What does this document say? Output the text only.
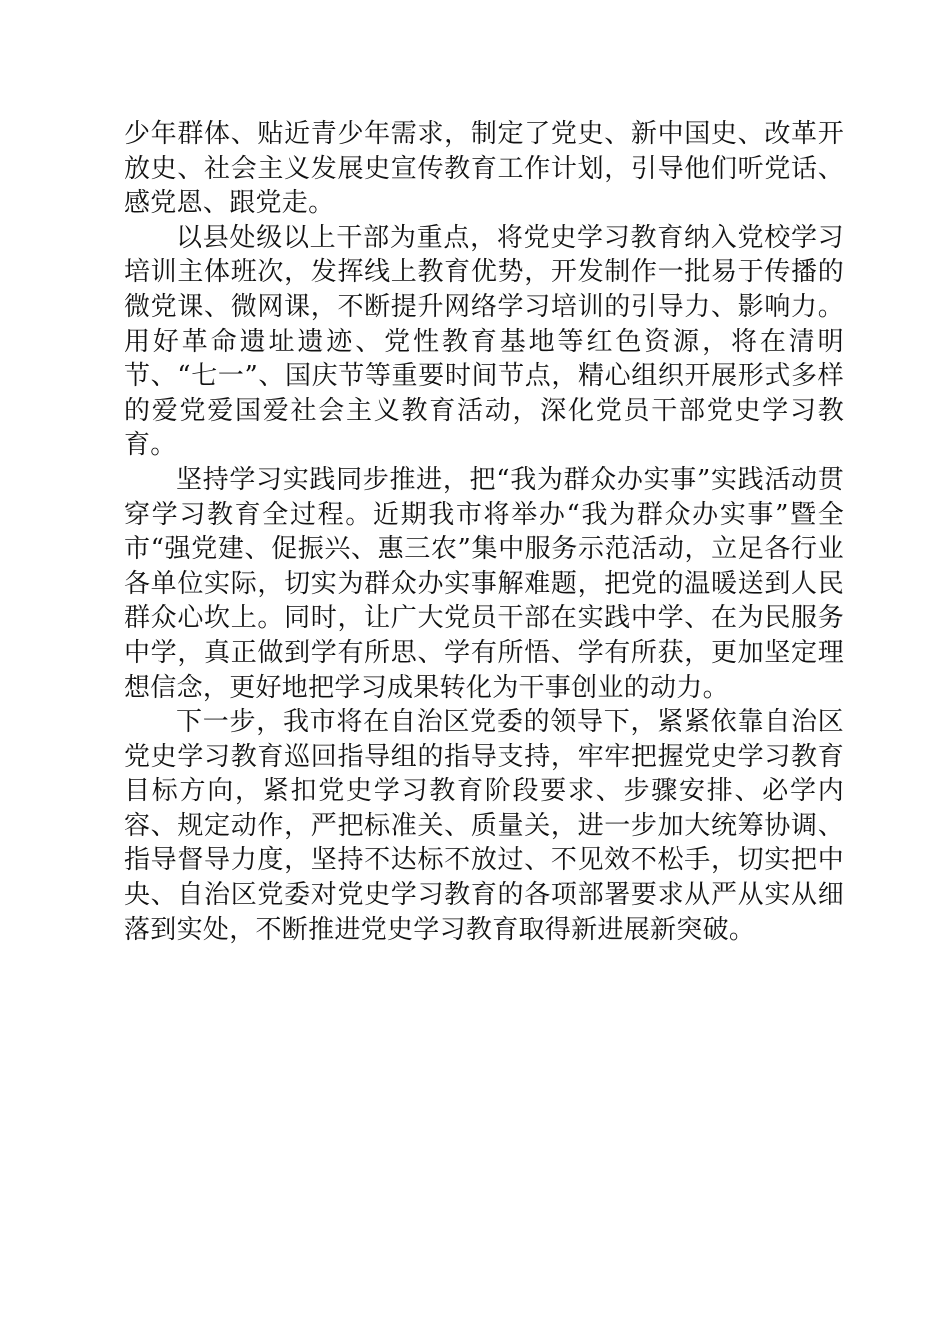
少年群体、贴近青少年需求，制定了党史、新中国史、改革开放史、社会主义发展史宣传教育工作计划，引导他们听党话、感党恩、跟党走。

以县处级以上干部为重点，将党史学习教育纳入党校学习培训主体班次，发挥线上教育优势，开发制作一批易于传播的微党课、微网课，不断提升网络学习培训的引导力、影响力。用好革命遗址遗迹、党性教育基地等红色资源，将在清明节、“七一”、国庆节等重要时间节点，精心组织开展形式多样的爱党爱国爱社会主义教育活动，深化党员干部党史学习教育。

坚持学习实践同步推进，把“我为群众办实事”实践活动贯穿学习教育全过程。近期我市将举办“我为群众办实事”暨全市“强党建、促振兴、惠三农”集中服务示范活动，立足各行业各单位实际，切实为群众办实事解难题，把党的温暖送到人民群众心坎上。同时，让广大党员干部在实践中学、在为民服务中学，真正做到学有所思、学有所悟、学有所获，更加坚定理想信念，更好地把学习成果转化为干事创业的动力。

下一步，我市将在自治区党委的领导下，紧紧依靠自治区党史学习教育巡回指导组的指导支持，牢牢把握党史学习教育目标方向，紧扣党史学习教育阶段要求、步骤安排、必学内容、规定动作，严把标准关、质量关，进一步加大统筹协调、指导督导力度，坚持不达标不放过、不见效不松手，切实把中央、自治区党委对党史学习教育的各项部署要求从严从实从细落到实处，不断推进党史学习教育取得新进展新突破。
